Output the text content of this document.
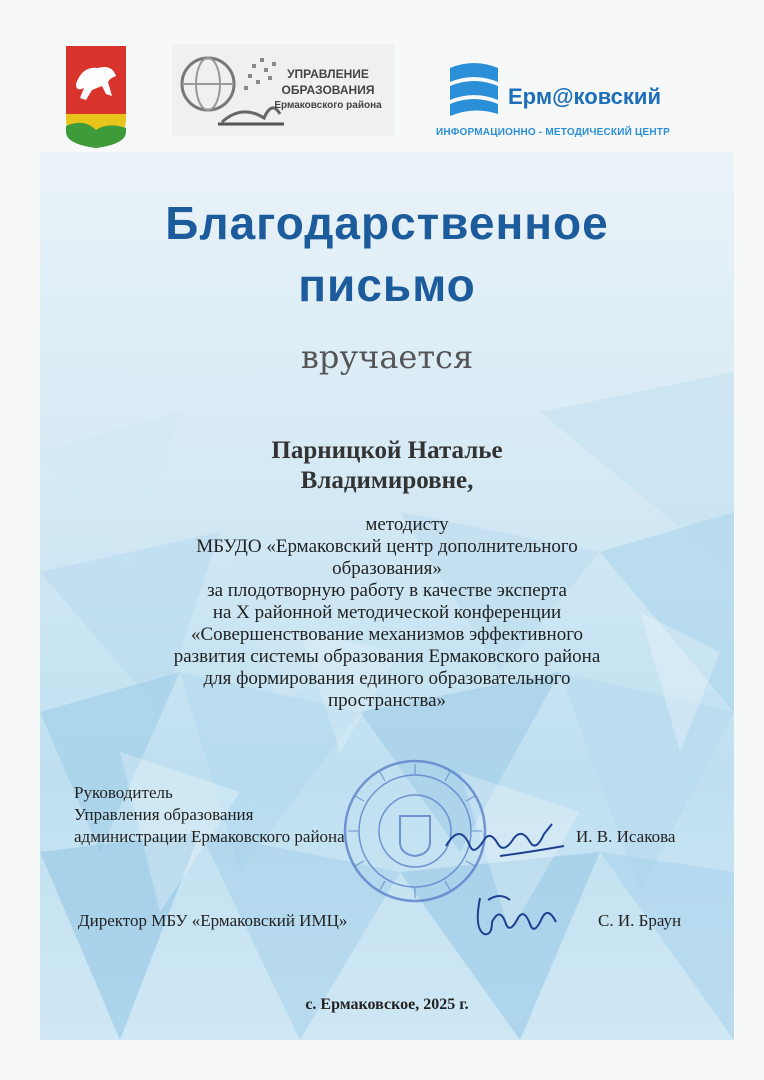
УПРАВЛЕНИЕ
ОБРАЗОВАНИЯ
Ермаковского района	Ерм@ковский
ИНФОРМАЦИОННО - МЕТОДИЧЕСКИЙ ЦЕНТР
Благодарственное
письмо
вручается
Парницкой Наталье
Владимировне,
методисту
МБУДО «Ермаковский центр дополнительного
образования»
за плодотворную работу в качестве эксперта
на Х районной методической конференции
«Совершенствование механизмов эффективного
развития системы образования Ермаковского района
для формирования единого образовательного
пространства»
Руководитель
Управления образования
администрации Ермаковского района	И. В. Исакова
Директор МБУ «Ермаковский ИМЦ»	С. И. Браун
с. Ермаковское, 2025 г.
